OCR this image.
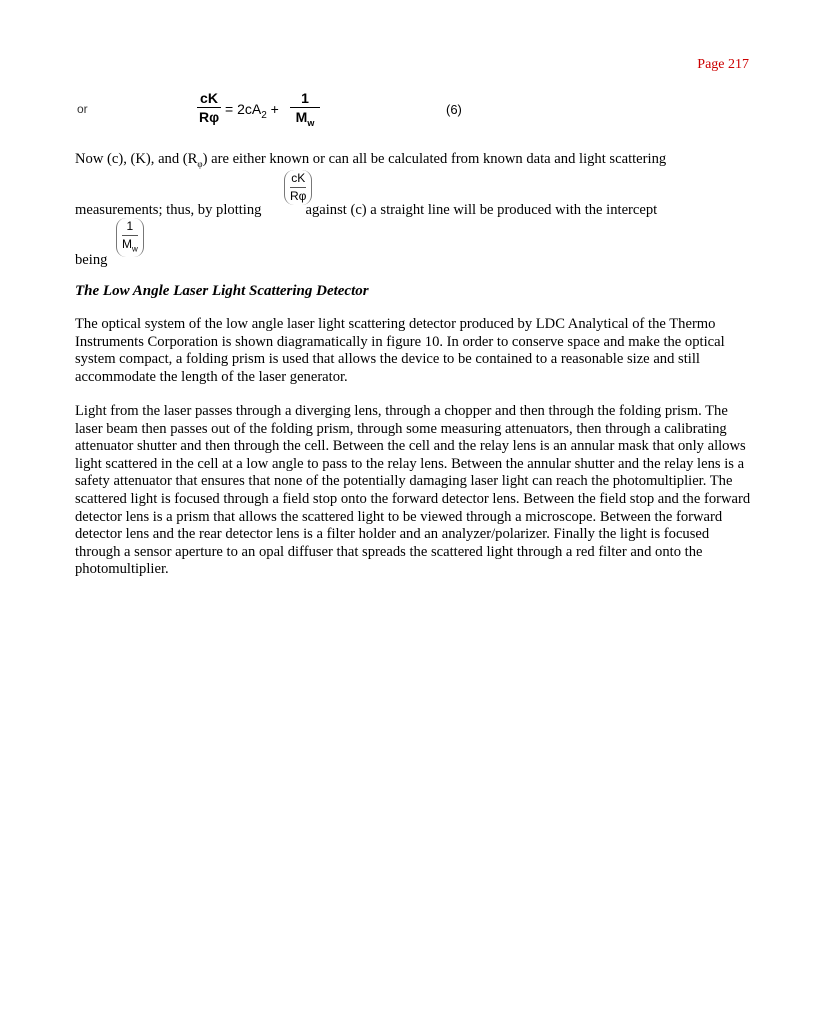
Page 217
or
cK
$R\varphi = 2cA_2$ +
1
$M_w$
(6)
Now (c), (K), and $(R_\varphi)$ are either known or can all be calculated from known data and light scattering
cK
Rφ
measurements; thus, by plotting	against (c) a straight line will be produced with the intercept
1
$M_w$
being
The Low Angle Laser Light Scattering Detector
The optical system of the low angle laser light scattering detector produced by LDC Analytical of the Thermo Instruments Corporation is shown diagramatically in figure 10. In order to conserve space and make the optical system compact, a folding prism is used that allows the device to be contained to a reasonable size and still accommodate the length of the laser generator.
Light from the laser passes through a diverging lens, through a chopper and then through the folding prism. The laser beam then passes out of the folding prism, through some measuring attenuators, then through a calibrating attenuator shutter and then through the cell. Between the cell and the relay lens is an annular mask that only allows light scattered in the cell at a low angle to pass to the relay lens. Between the annular shutter and the relay lens is a safety attenuator that ensures that none of the potentially damaging laser light can reach the photomultiplier. The scattered light is focused through a field stop onto the forward detector lens. Between the field stop and the forward detector lens is a prism that allows the scattered light to be viewed through a microscope. Between the forward detector lens and the rear detector lens is a filter holder and an analyzer/polarizer. Finally the light is focused through a sensor aperture to an opal diffuser that spreads the scattered light through a red filter and onto the photomultiplier.
